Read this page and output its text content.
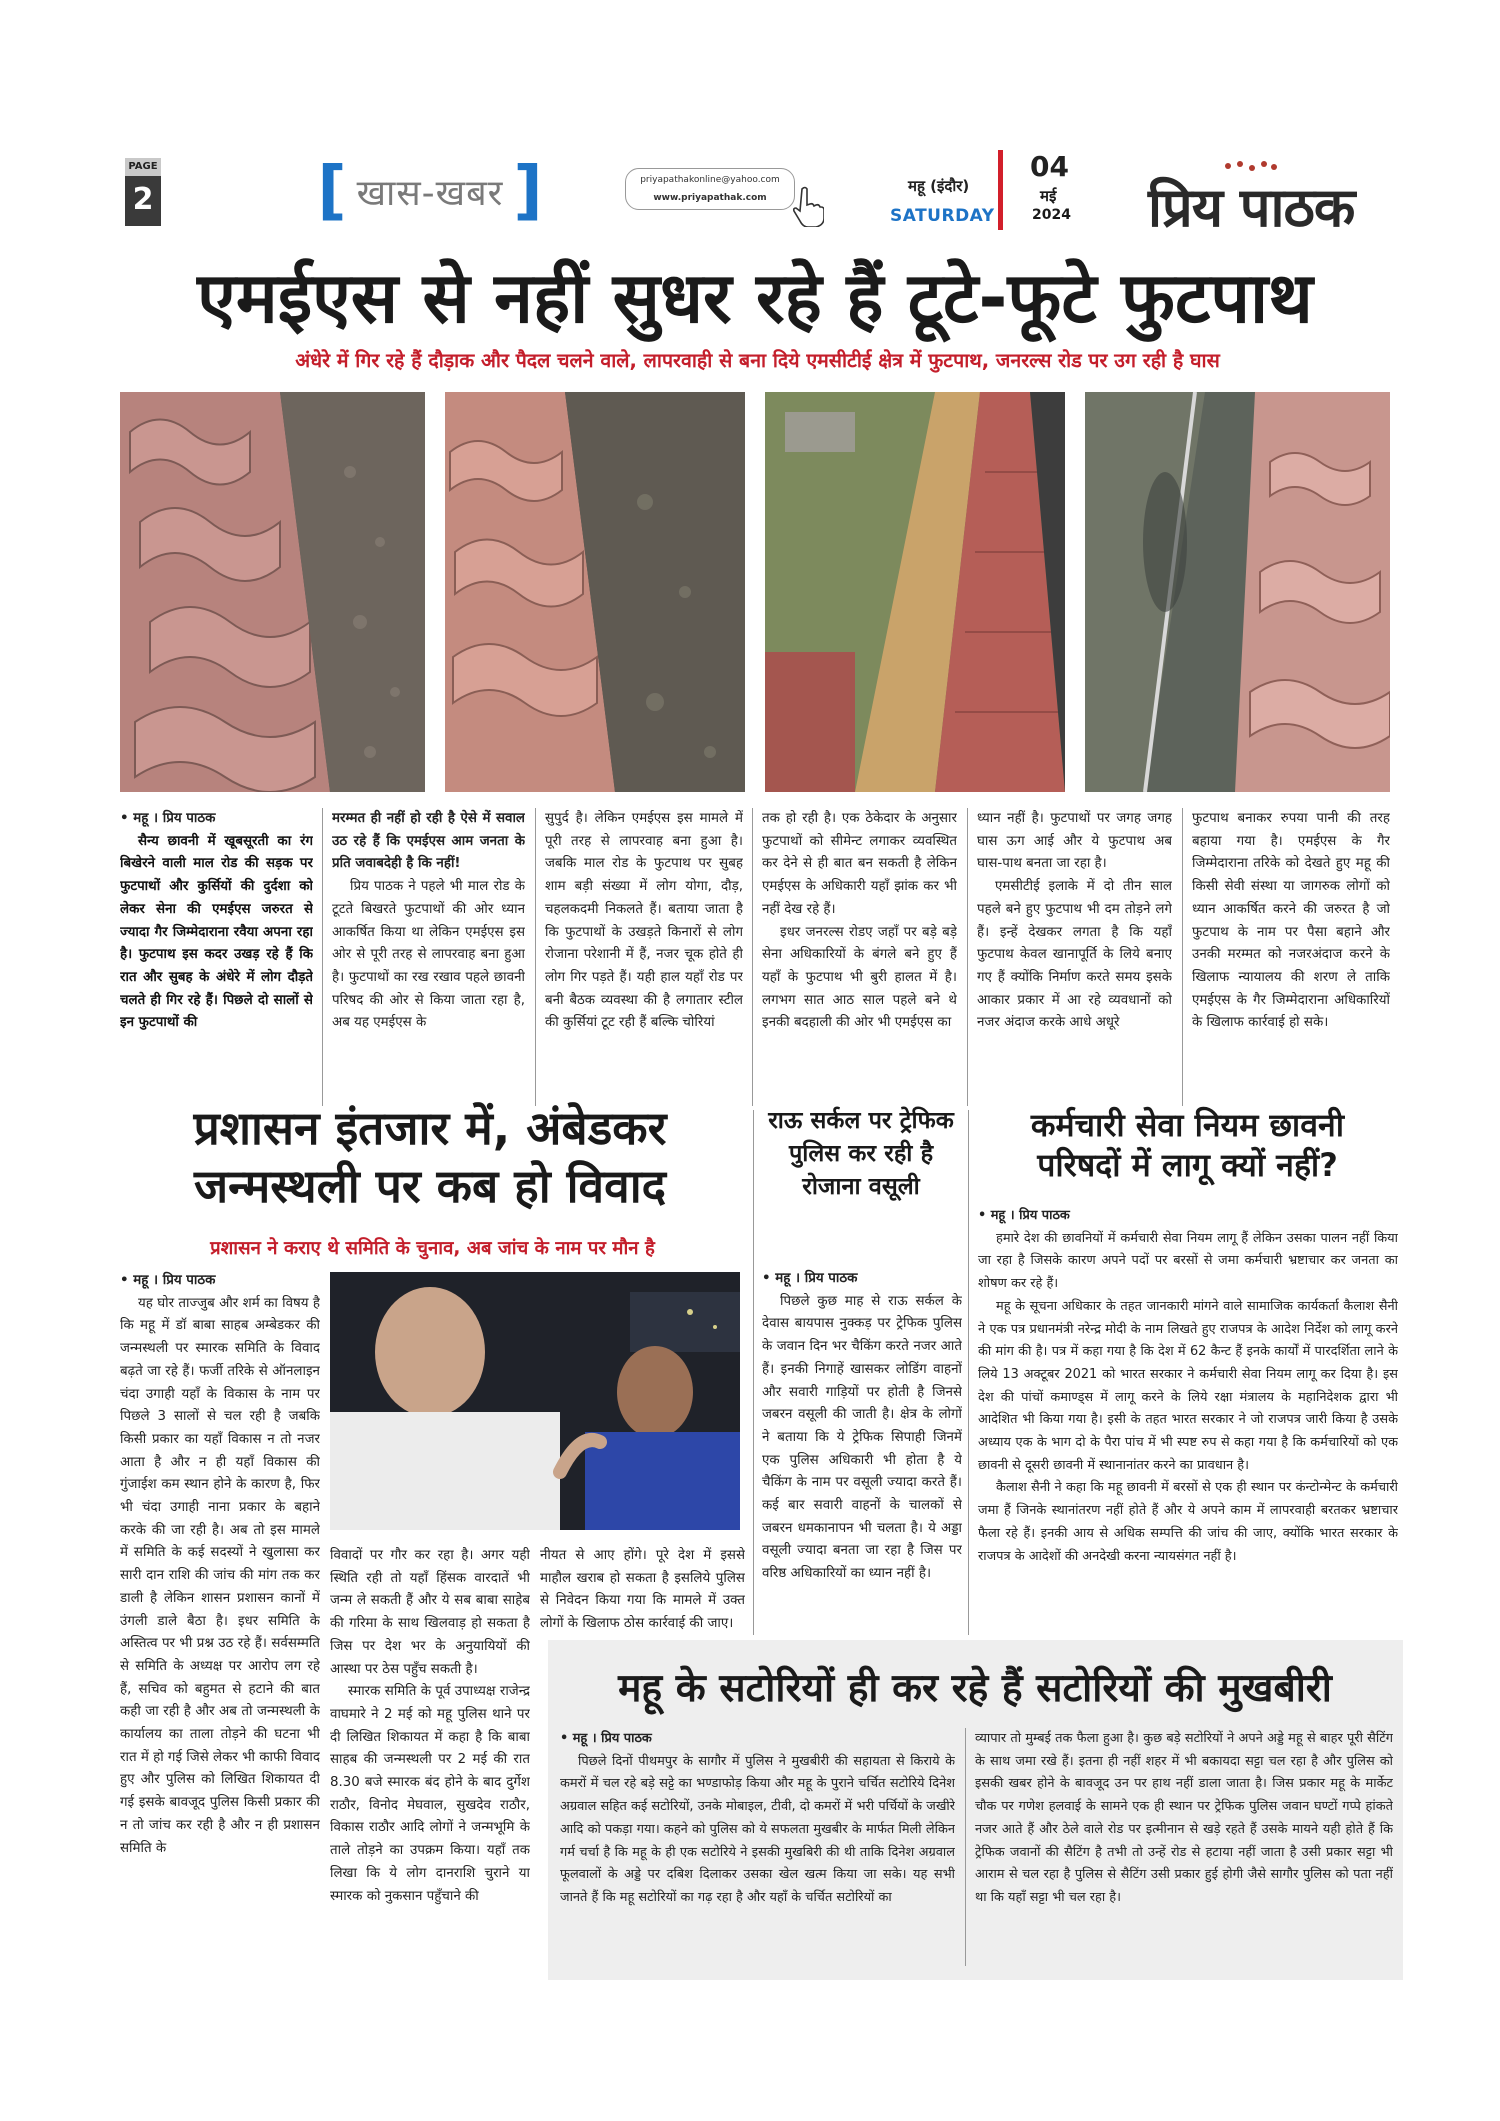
PAGE
2	[ खास-खबर ]	priyapathakonline@yahoo.com
www.priyapathak.com
महू (इंदौर)
SATURDAY
04
मई
2024 प्रिय पाठक
एमईएस से नहीं सुधर रहे हैं टूटे-फूटे फुटपाथ
अंधेरे में गिर रहे हैं दौड़ाक और पैदल चलने वाले, लापरवाही से बना दिये एमसीटीई क्षेत्र में फुटपाथ, जनरल्स रोड पर उग रही है घास

• महू । प्रिय पाठक

सैन्य छावनी में खूबसूरती का रंग बिखेरने वाली माल रोड की सड़क पर फुटपाथों और कुर्सियों की दुर्दशा को लेकर सेना की एमईएस जरुरत से ज्यादा गैर जिम्मेदाराना रवैया अपना रहा है। फुटपाथ इस कदर उखड़ रहे हैं कि रात और सुबह के अंधेरे में लोग दौड़ते चलते ही गिर रहे हैं। पिछले दो सालों से इन फुटपाथों की

मरम्मत ही नहीं हो रही है ऐसे में सवाल उठ रहे हैं कि एमईएस आम जनता के प्रति जवाबदेही है कि नहीं!

प्रिय पाठक ने पहले भी माल रोड के टूटते बिखरते फुटपाथों की ओर ध्यान आकर्षित किया था लेकिन एमईएस इस ओर से पूरी तरह से लापरवाह बना हुआ है। फुटपाथों का रख रखाव पहले छावनी परिषद की ओर से किया जाता रहा है, अब यह एमईएस के

सुपुर्द है। लेकिन एमईएस इस मामले में पूरी तरह से लापरवाह बना हुआ है। जबकि माल रोड के फुटपाथ पर सुबह शाम बड़ी संख्या में लोग योगा, दौड़, चहलकदमी निकलते हैं। बताया जाता है कि फुटपाथों के उखड़ते किनारों से लोग रोजाना परेशानी में हैं, नजर चूक होते ही लोग गिर पड़ते हैं। यही हाल यहाँ रोड पर बनी बैठक व्यवस्था की है लगातार स्टील की कुर्सियां टूट रही हैं बल्कि चोरियां

तक हो रही है। एक ठेकेदार के अनुसार फुटपाथों को सीमेन्ट लगाकर व्यवस्थित कर देने से ही बात बन सकती है लेकिन एमईएस के अधिकारी यहाँ झांक कर भी नहीं देख रहे हैं।

इधर जनरल्स रोडए जहाँ पर बड़े बड़े सेना अधिकारियों के बंगले बने हुए हैं यहाँ के फुटपाथ भी बुरी हालत में है। लगभग सात आठ साल पहले बने थे इनकी बदहाली की ओर भी एमईएस का

ध्यान नहीं है। फुटपाथों पर जगह जगह घास ऊग आई और ये फुटपाथ अब घास-पाथ बनता जा रहा है।

एमसीटीई इलाके में दो तीन साल पहले बने हुए फुटपाथ भी दम तोड़ने लगे हैं। इन्हें देखकर लगता है कि यहाँ फुटपाथ केवल खानापूर्ति के लिये बनाए गए हैं क्योंकि निर्माण करते समय इसके आकार प्रकार में आ रहे व्यवधानों को नजर अंदाज करके आधे अधूरे

फुटपाथ बनाकर रुपया पानी की तरह बहाया गया है। एमईएस के गैर जिम्मेदाराना तरिके को देखते हुए महू की किसी सेवी संस्था या जागरुक लोगों को ध्यान आकर्षित करने की जरुरत है जो फुटपाथ के नाम पर पैसा बहाने और उनकी मरम्मत को नजरअंदाज करने के खिलाफ न्यायालय की शरण ले ताकि एमईएस के गैर जिम्मेदाराना अधिकारियों के खिलाफ कार्रवाई हो सके।

प्रशासन इंतजार में, अंबेडकर
जन्मस्थली पर कब हो विवाद
प्रशासन ने कराए थे समिति के चुनाव, अब जांच के नाम पर मौन है

• महू । प्रिय पाठक

यह घोर ताज्जुब और शर्म का विषय है कि महू में डॉ बाबा साहब अम्बेडकर की जन्मस्थली पर स्मारक समिति के विवाद बढ़ते जा रहे हैं। फर्जी तरिके से ऑनलाइन चंदा उगाही यहाँ के विकास के नाम पर पिछले 3 सालों से चल रही है जबकि किसी प्रकार का यहाँ विकास न तो नजर आता है और न ही यहाँ विकास की गुंजाईश कम स्थान होने के कारण है, फिर भी चंदा उगाही नाना प्रकार के बहाने करके की जा रही है। अब तो इस मामले में समिति के कई सदस्यों ने खुलासा कर सारी दान राशि की जांच की मांग तक कर डाली है लेकिन शासन प्रशासन कानों में उंगली डाले बैठा है। इधर समिति के अस्तित्व पर भी प्रश्न उठ रहे हैं। सर्वसम्मति से समिति के अध्यक्ष पर आरोप लग रहे हैं, सचिव को बहुमत से हटाने की बात कही जा रही है और अब तो जन्मस्थली के कार्यालय का ताला तोड़ने की घटना भी रात में हो गई जिसे लेकर भी काफी विवाद हुए और पुलिस को लिखित शिकायत दी गई इसके बावजूद पुलिस किसी प्रकार की न तो जांच कर रही है और न ही प्रशासन समिति के

विवादों पर गौर कर रहा है। अगर यही स्थिति रही तो यहाँ हिंसक वारदातें भी जन्म ले सकती हैं और ये सब बाबा साहेब की गरिमा के साथ खिलवाड़ हो सकता है जिस पर देश भर के अनुयायियों की आस्था पर ठेस पहुँच सकती है।

स्मारक समिति के पूर्व उपाध्यक्ष राजेन्द्र वाघमारे ने 2 मई को महू पुलिस थाने पर दी लिखित शिकायत में कहा है कि बाबा साहब की जन्मस्थली पर 2 मई की रात 8.30 बजे स्मारक बंद होने के बाद दुर्गेश राठौर, विनोद मेघवाल, सुखदेव राठौर, विकास राठौर आदि लोगों ने जन्मभूमि के ताले तोड़ने का उपक्रम किया। यहाँ तक लिखा कि ये लोग दानराशि चुराने या स्मारक को नुकसान पहुँचाने की

नीयत से आए होंगे। पूरे देश में इससे माहौल खराब हो सकता है इसलिये पुलिस से निवेदन किया गया कि मामले में उक्त लोगों के खिलाफ ठोस कार्रवाई की जाए।

राऊ सर्कल पर ट्रेफिक पुलिस कर रही है रोजाना वसूली

• महू । प्रिय पाठक

पिछले कुछ माह से राऊ सर्कल के देवास बायपास नुक्कड़ पर ट्रेफिक पुलिस के जवान दिन भर चैकिंग करते नजर आते हैं। इनकी निगाहें खासकर लोडिंग वाहनों और सवारी गाड़ियों पर होती है जिनसे जबरन वसूली की जाती है। क्षेत्र के लोगों ने बताया कि ये ट्रेफिक सिपाही जिनमें एक पुलिस अधिकारी भी होता है ये चैकिंग के नाम पर वसूली ज्यादा करते हैं। कई बार सवारी वाहनों के चालकों से जबरन धमकानापन भी चलता है। ये अड्डा वसूली ज्यादा बनता जा रहा है जिस पर वरिष्ठ अधिकारियों का ध्यान नहीं है।

कर्मचारी सेवा नियम छावनी
परिषदों में लागू क्यों नहीं?

• महू । प्रिय पाठक

हमारे देश की छावनियों में कर्मचारी सेवा नियम लागू हैं लेकिन उसका पालन नहीं किया जा रहा है जिसके कारण अपने पदों पर बरसों से जमा कर्मचारी भ्रष्टाचार कर जनता का शोषण कर रहे हैं।

महू के सूचना अधिकार के तहत जानकारी मांगने वाले सामाजिक कार्यकर्ता कैलाश सैनी ने एक पत्र प्रधानमंत्री नरेन्द्र मोदी के नाम लिखते हुए राजपत्र के आदेश निर्देश को लागू करने की मांग की है। पत्र में कहा गया है कि देश में 62 कैन्ट हैं इनके कार्यों में पारदर्शिता लाने के लिये 13 अक्टूबर 2021 को भारत सरकार ने कर्मचारी सेवा नियम लागू कर दिया है। इस देश की पांचों कमाण्ड्स में लागू करने के लिये रक्षा मंत्रालय के महानिदेशक द्वारा भी आदेशित भी किया गया है। इसी के तहत भारत सरकार ने जो राजपत्र जारी किया है उसके अध्याय एक के भाग दो के पैरा पांच में भी स्पष्ट रुप से कहा गया है कि कर्मचारियों को एक छावनी से दूसरी छावनी में स्थानानांतर करने का प्रावधान है।

कैलाश सैनी ने कहा कि महू छावनी में बरसों से एक ही स्थान पर कंन्टोन्मेन्ट के कर्मचारी जमा हैं जिनके स्थानांतरण नहीं होते हैं और ये अपने काम में लापरवाही बरतकर भ्रष्टाचार फैला रहे हैं। इनकी आय से अधिक सम्पत्ति की जांच की जाए, क्योंकि भारत सरकार के राजपत्र के आदेशों की अनदेखी करना न्यायसंगत नहीं है।

महू के सटोरियों ही कर रहे हैं सटोरियों की मुखबीरी

• महू । प्रिय पाठक

पिछले दिनों पीथमपुर के सागौर में पुलिस ने मुखबीरी की सहायता से किराये के कमरों में चल रहे बड़े सट्टे का भण्डाफोड़ किया और महू के पुराने चर्चित सटोरिये दिनेश अग्रवाल सहित कई सटोरियों, उनके मोबाइल, टीवी, दो कमरों में भरी पर्चियों के जखीरे आदि को पकड़ा गया। कहने को पुलिस को ये सफलता मुखबीर के मार्फत मिली लेकिन गर्म चर्चा है कि महू के ही एक सटोरिये ने इसकी मुखबिरी की थी ताकि दिनेश अग्रवाल फूलवालों के अड्डे पर दबिश दिलाकर उसका खेल खत्म किया जा सके। यह सभी जानते हैं कि महू सटोरियों का गढ़ रहा है और यहाँ के चर्चित सटोरियों का

व्यापार तो मुम्बई तक फैला हुआ है। कुछ बड़े सटोरियों ने अपने अड्डे महू से बाहर पूरी सैटिंग के साथ जमा रखे हैं। इतना ही नहीं शहर में भी बकायदा सट्टा चल रहा है और पुलिस को इसकी खबर होने के बावजूद उन पर हाथ नहीं डाला जाता है। जिस प्रकार महू के मार्केट चौक पर गणेश हलवाई के सामने एक ही स्थान पर ट्रेफिक पुलिस जवान घण्टों गप्पे हांकते नजर आते हैं और ठेले वाले रोड पर इत्मीनान से खड़े रहते हैं उसके मायने यही होते हैं कि ट्रेफिक जवानों की सैटिंग है तभी तो उन्हें रोड से हटाया नहीं जाता है उसी प्रकार सट्टा भी आराम से चल रहा है पुलिस से सैटिंग उसी प्रकार हुई होगी जैसे सागौर पुलिस को पता नहीं था कि यहाँ सट्टा भी चल रहा है।
